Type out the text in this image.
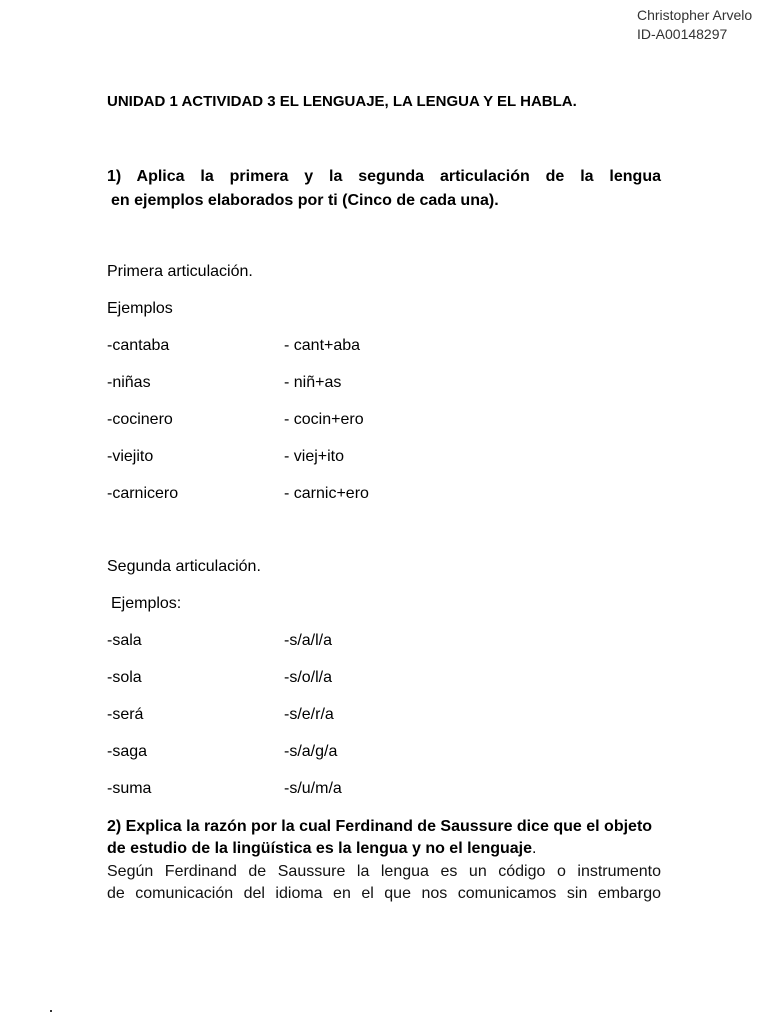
Christopher Arvelo
ID-A00148297
UNIDAD 1 ACTIVIDAD 3 EL LENGUAJE, LA LENGUA Y EL HABLA.
1) Aplica la primera y la segunda articulación de la lengua
en ejemplos elaborados por ti (Cinco de cada una).
Primera articulación.
Ejemplos
-cantaba	- cant+aba
-niñas	- niñ+as
-cocinero	- cocin+ero
-viejito	- viej+ito
-carnicero	- carnic+ero
Segunda articulación.
Ejemplos:
-sala	-s/a/l/a
-sola	-s/o/l/a
-será	-s/e/r/a
-saga	-s/a/g/a
-suma	-s/u/m/a
2) Explica la razón por la cual Ferdinand de Saussure dice que el objeto de estudio de la lingüística es la lengua y no el lenguaje.
Según Ferdinand de Saussure la lengua es un código o instrumento
de comunicación del idioma en el que nos comunicamos sin embargo
